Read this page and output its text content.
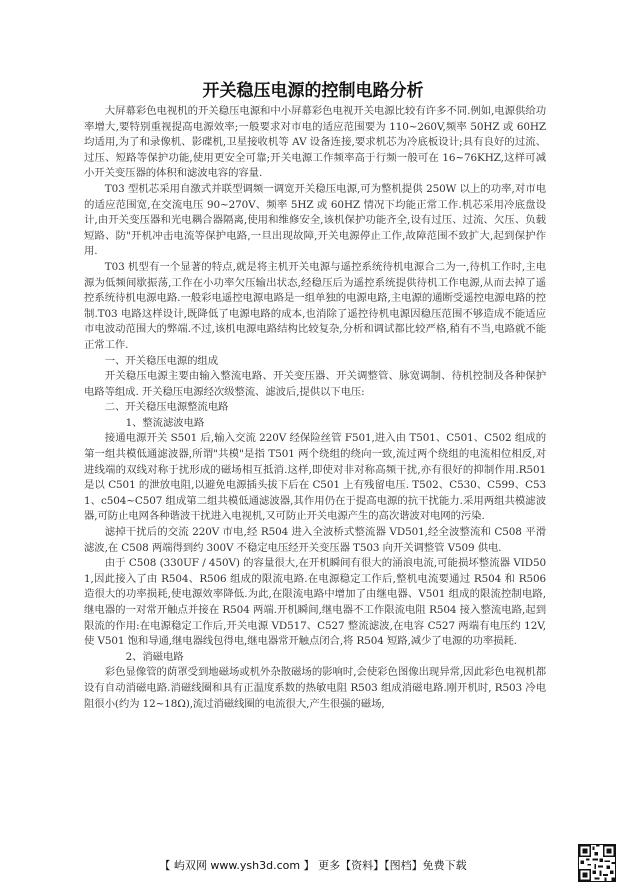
开关稳压电源的控制电路分析

大屏幕彩色电视机的开关稳压电源和中小屏幕彩色电视开关电源比较有许多不同.例如,电源供给功率增大,要特别重视提高电源效率;一般要求对市电的适应范围要为 110~260V,频率 50HZ 或 60HZ 均适用,为了和录像机、影碟机,卫星接收机等 AV 设备连接,要求机芯为冷底板设计;具有良好的过流、过压、短路等保护功能,使用更安全可靠;开关电源工作频率高于行频一般可在 16~76KHZ,这样可减小开关变压器的体积和滤波电容的容量.

T03 型机芯采用自激式并联型调频一调宽开关稳压电源,可为整机提供 250W 以上的功率,对市电的适应范围宽,在交流电压 90~270V、频率 5HZ 或 60HZ 情况下均能正常工作.机芯采用冷底盘设计,由开关变压器和光电耦合器隔离,使用和维修安全,该机保护功能齐全,设有过压、过流、欠压、负载短路、防"开机冲击电流等保护电路,一旦出现故障,开关电源停止工作,故障范围不致扩大,起到保护作用.

T03 机型有一个显著的特点,就是将主机开关电源与遥控系统待机电源合二为一,待机工作时,主电源为低频间歇振荡,工作在小功率欠压输出状态,经稳压后为遥控系统提供待机工作电源,从而去掉了遥控系统待机电源电路.一般彩电遥控电源电路是一组单独的电源电路,主电源的通断受遥控电源电路的控制.T03 电路这样设计,既降低了电源电路的成本,也消除了遥控待机电源因稳压范围不够造成不能适应市电波动范围大的弊端.不过,该机电源电路结构比较复杂,分析和调试都比较严格,稍有不当,电路就不能正常工作.

一、开关稳压电源的组成

开关稳压电源主要由输入整流电路、开关变压器、开关调整管、脉宽调制、待机控制及各种保护电路等组成. 开关稳压电源经次级整流、滤波后,提供以下电压:

二、开关稳压电源整流电路

1、整流滤波电路

接通电源开关 S501 后,输入交流 220V 经保险丝管 F501,进入由 T501、C501、C502 组成的第一组共模低通滤波器,所谓"共模"是指 T501 两个绕组的绕向一致,流过两个绕组的电流相位相反,对进线端的双线对称于扰形成的磁场相互抵消.这样,即使对非对称高频干扰,亦有很好的抑制作用.R501 是以 C501 的泄放电阻,以避免电源插头拔下后在 C501 上有残留电压. T502、C530、C599、C531、c504~C507 组成第二组共模低通滤波器,其作用仍在于提高电源的抗干扰能力.采用两组共模滤波器,可防止电网各种谐波干扰进入电视机,又可防止开关电源产生的高次谐波对电网的污染.

滤掉干扰后的交流 220V 市电,经 R504 进入全波桥式整流器 VD501,经全波整流和 C508 平滑滤波,在 C508 两端得到约 300V 不稳定电压经开关变压器 T503 向开关调整管 V509 供电.

由于 C508 (330UF / 450V) 的容量很大,在开机瞬间有很大的涌浪电流,可能损坏整流器 VID501,因此接入了由 R504、R506 组成的限流电路.在电源稳定工作后,整机电流要通过 R504 和 R506 造很大的功率损耗,使电源效率降低.为此,在限流电路中增加了由继电器、V501 组成的限流控制电路,继电器的一对常开触点并接在 R504 两端.开机瞬间,继电器不工作限流电阻 R504 接入整流电路,起到限流的作用:在电源稳定工作后,开关电源 VD517、C527 整流滤波,在电容 C527 两端有电压约 12V,使 V501 饱和导通,继电器线包得电,继电器常开触点闭合,将 R504 短路,减少了电源的功率损耗.

2、消磁电路

彩色显像管的荫罩受到地磁场或机外杂散磁场的影响时,会使彩色图像出现异常,因此彩色电视机都设有自动消磁电路.消磁线圈和具有正温度系数的热敏电阻 R503 组成消磁电路.刚开机时, R503 冷电阻很小(约为 12~18Ω),流过消磁线圈的电流很大,产生很强的磁场,

【 屿双网 www.ysh3d.com 】 更多【资料】【图档】免费下载
